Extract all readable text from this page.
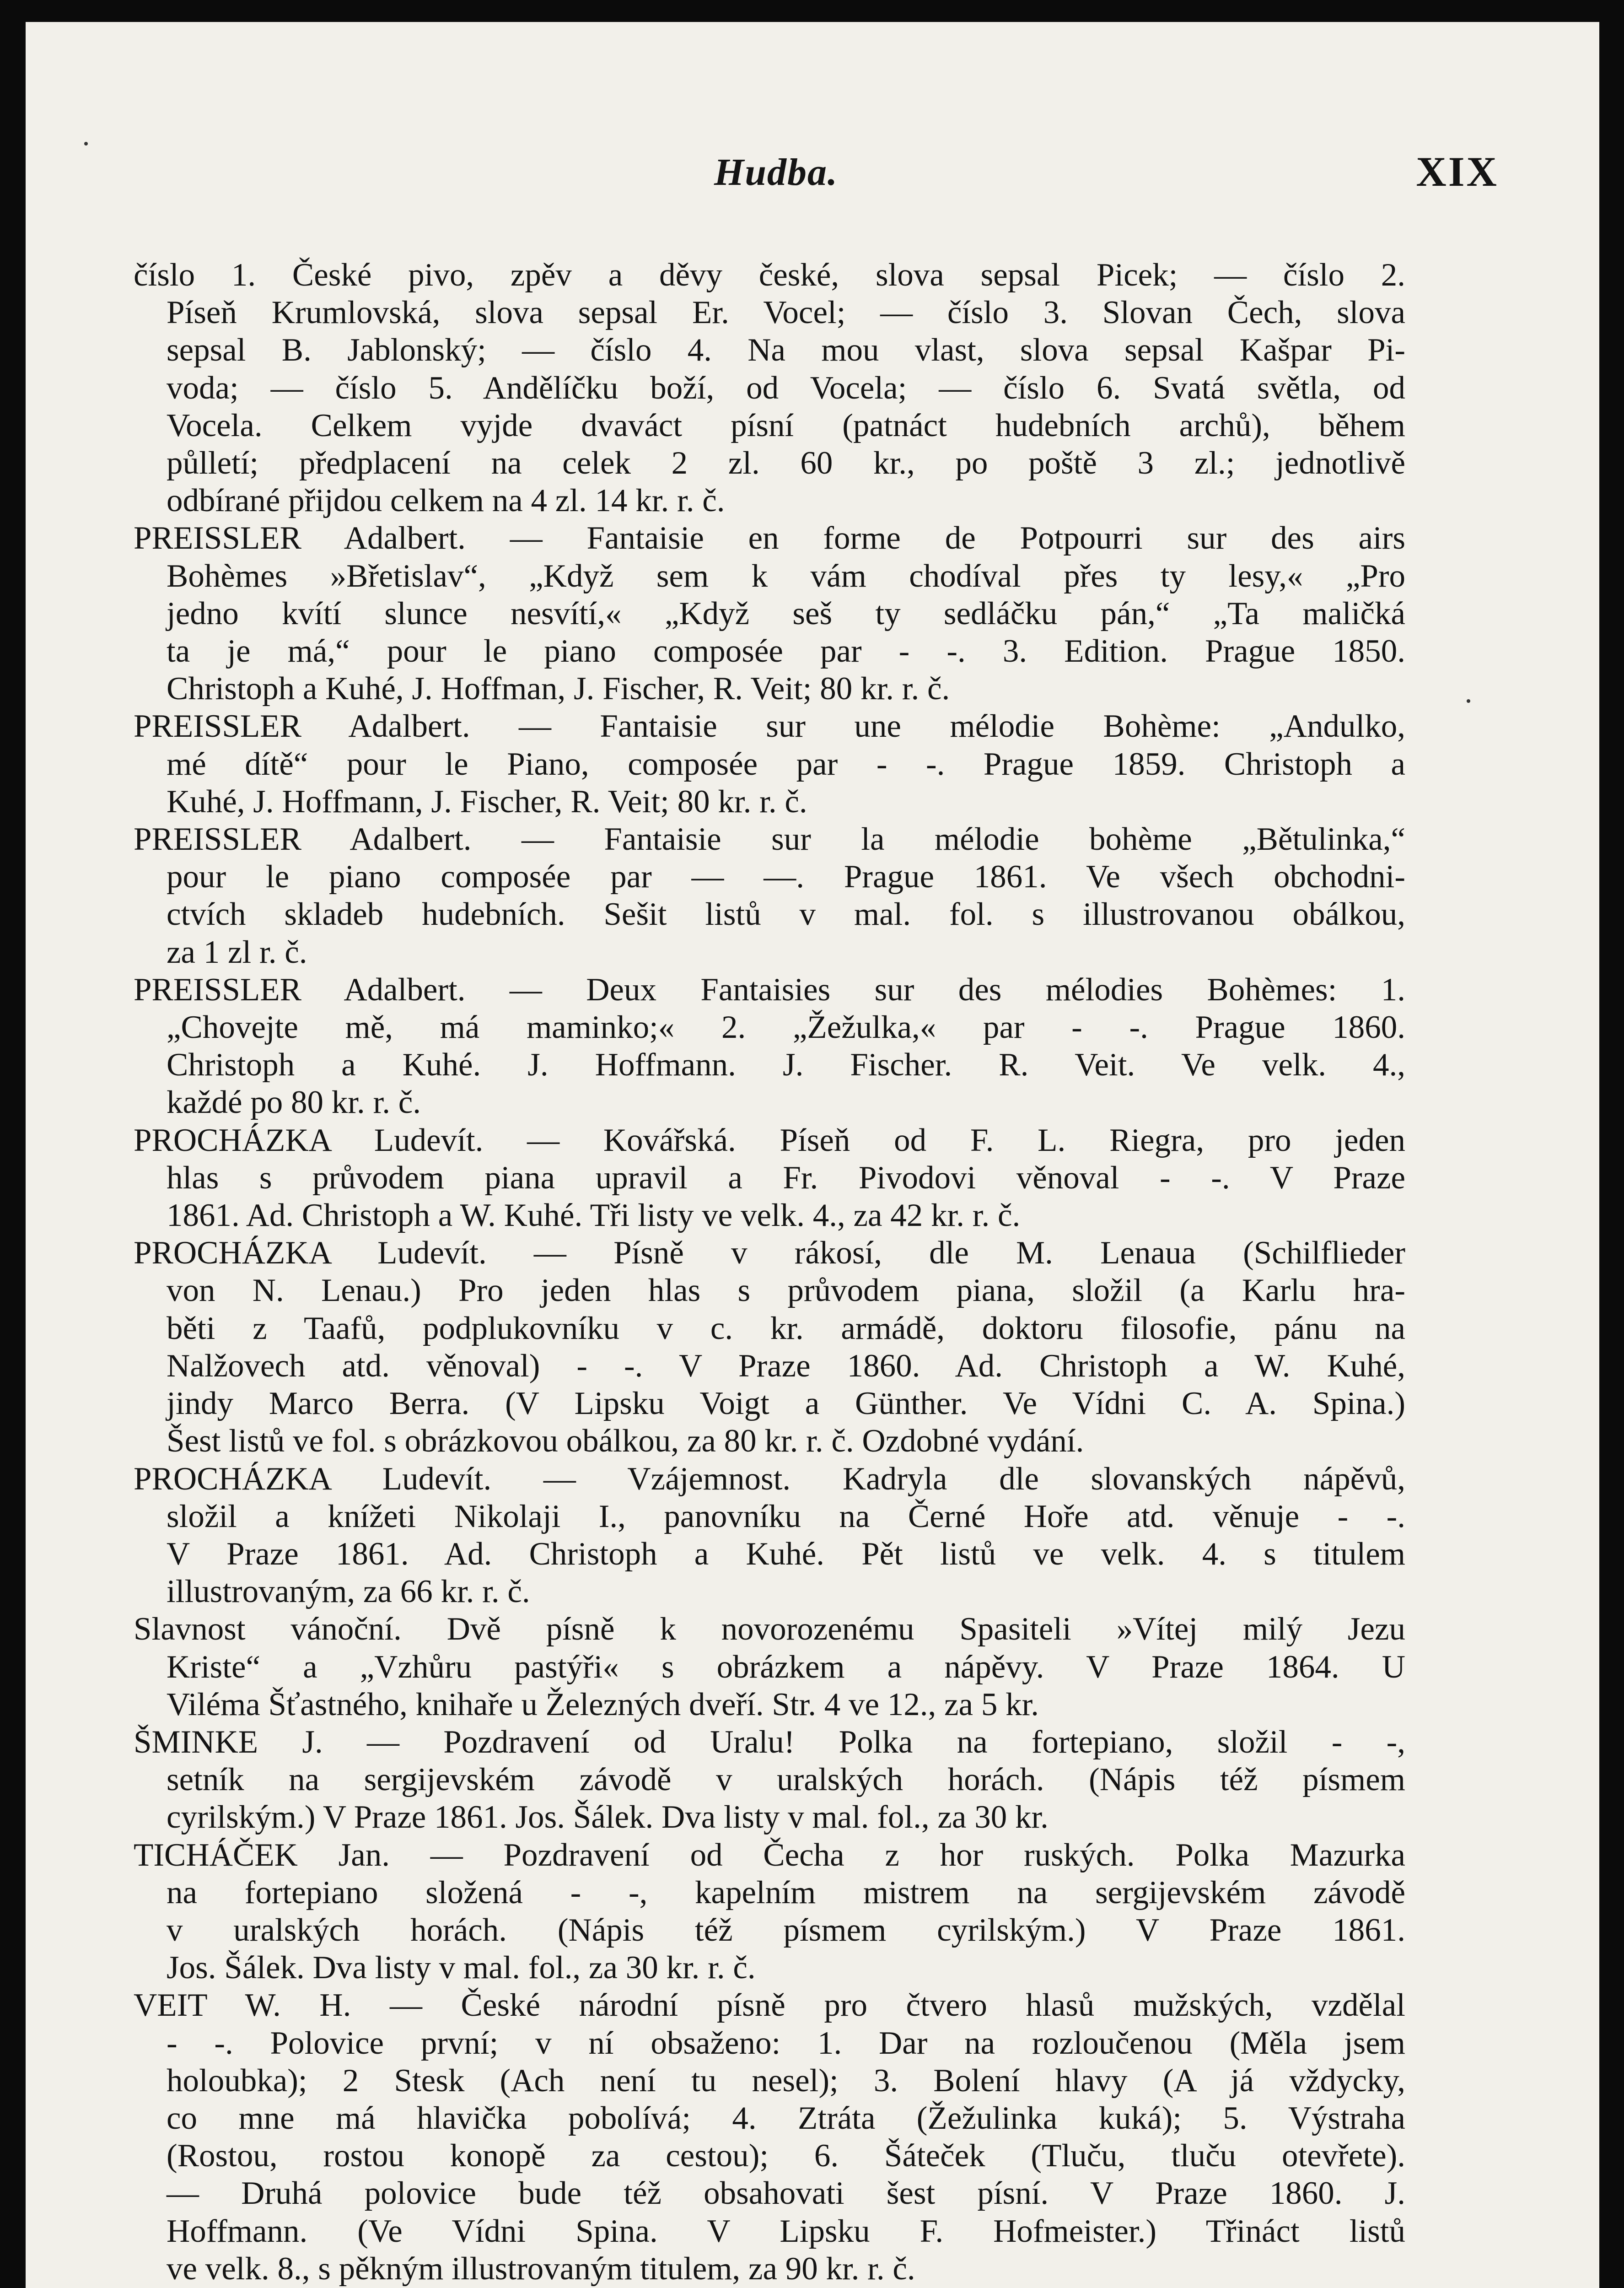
Hudba.	XIX
číslo 1. České pivo, zpěv a děvy české, slova sepsal Picek; — číslo 2.
Píseň Krumlovská, slova sepsal Er. Vocel; — číslo 3. Slovan Čech, slova
sepsal B. Jablonský; — číslo 4. Na mou vlast, slova sepsal Kašpar Pi-
voda; — číslo 5. Andělíčku boží, od Vocela; — číslo 6. Svatá světla, od
Vocela. Celkem vyjde dvaváct písní (patnáct hudebních archů), během
půlletí; předplacení na celek 2 zl. 60 kr., po poště 3 zl.; jednotlivě
odbírané přijdou celkem na 4 zl. 14 kr. r. č.
PREISSLER Adalbert. — Fantaisie en forme de Potpourri sur des airs
Bohèmes »Břetislav“, „Když sem k vám chodíval přes ty lesy,« „Pro
jedno kvítí slunce nesvítí,« „Když seš ty sedláčku pán,“ „Ta maličká
ta je má,“ pour le piano composée par - -. 3. Edition. Prague 1850.
Christoph a Kuhé, J. Hoffman, J. Fischer, R. Veit; 80 kr. r. č.
PREISSLER Adalbert. — Fantaisie sur une mélodie Bohème: „Andulko,
mé dítě“ pour le Piano, composée par - -. Prague 1859. Christoph a
Kuhé, J. Hoffmann, J. Fischer, R. Veit; 80 kr. r. č.
PREISSLER Adalbert. — Fantaisie sur la mélodie bohème „Bětulinka,“
pour le piano composée par — —. Prague 1861. Ve všech obchodni-
ctvích skladeb hudebních. Sešit listů v mal. fol. s illustrovanou obálkou,
za 1 zl r. č.
PREISSLER Adalbert. — Deux Fantaisies sur des mélodies Bohèmes: 1.
„Chovejte mě, má maminko;« 2. „Žežulka,« par - -. Prague 1860.
Christoph a Kuhé. J. Hoffmann. J. Fischer. R. Veit. Ve velk. 4.,
každé po 80 kr. r. č.
PROCHÁZKA Ludevít. — Kovářská. Píseň od F. L. Riegra, pro jeden
hlas s průvodem piana upravil a Fr. Pivodovi věnoval - -. V Praze
1861. Ad. Christoph a W. Kuhé. Tři listy ve velk. 4., za 42 kr. r. č.
PROCHÁZKA Ludevít. — Písně v rákosí, dle M. Lenaua (Schilflieder
von N. Lenau.) Pro jeden hlas s průvodem piana, složil (a Karlu hra-
běti z Taafů, podplukovníku v c. kr. armádě, doktoru filosofie, pánu na
Nalžovech atd. věnoval) - -. V Praze 1860. Ad. Christoph a W. Kuhé,
jindy Marco Berra. (V Lipsku Voigt a Günther. Ve Vídni C. A. Spina.)
Šest listů ve fol. s obrázkovou obálkou, za 80 kr. r. č. Ozdobné vydání.
PROCHÁZKA Ludevít. — Vzájemnost. Kadryla dle slovanských nápěvů,
složil a knížeti Nikolaji I., panovníku na Černé Hoře atd. věnuje - -.
V Praze 1861. Ad. Christoph a Kuhé. Pět listů ve velk. 4. s titulem
illustrovaným, za 66 kr. r. č.
Slavnost vánoční. Dvě písně k novorozenému Spasiteli »Vítej milý Jezu
Kriste“ a „Vzhůru pastýři« s obrázkem a nápěvy. V Praze 1864. U
Viléma Šťastného, knihaře u Železných dveří. Str. 4 ve 12., za 5 kr.
ŠMINKE J. — Pozdravení od Uralu! Polka na fortepiano, složil - -,
setník na sergijevském závodě v uralských horách. (Nápis též písmem
cyrilským.) V Praze 1861. Jos. Šálek. Dva listy v mal. fol., za 30 kr.
TICHÁČEK Jan. — Pozdravení od Čecha z hor ruských. Polka Mazurka
na fortepiano složená - -, kapelním mistrem na sergijevském závodě
v uralských horách. (Nápis též písmem cyrilským.) V Praze 1861.
Jos. Šálek. Dva listy v mal. fol., za 30 kr. r. č.
VEIT W. H. — České národní písně pro čtvero hlasů mužských, vzdělal
- -. Polovice první; v ní obsaženo: 1. Dar na rozloučenou (Měla jsem
holoubka); 2 Stesk (Ach není tu nesel); 3. Bolení hlavy (A já vždycky,
co mne má hlavička pobolívá; 4. Ztráta (Žežulinka kuká); 5. Výstraha
(Rostou, rostou konopě za cestou); 6. Šáteček (Tluču, tluču otevřete).
— Druhá polovice bude též obsahovati šest písní. V Praze 1860. J.
Hoffmann. (Ve Vídni Spina. V Lipsku F. Hofmeister.) Třináct listů
ve velk. 8., s pěkným illustrovaným titulem, za 90 kr. r. č.
